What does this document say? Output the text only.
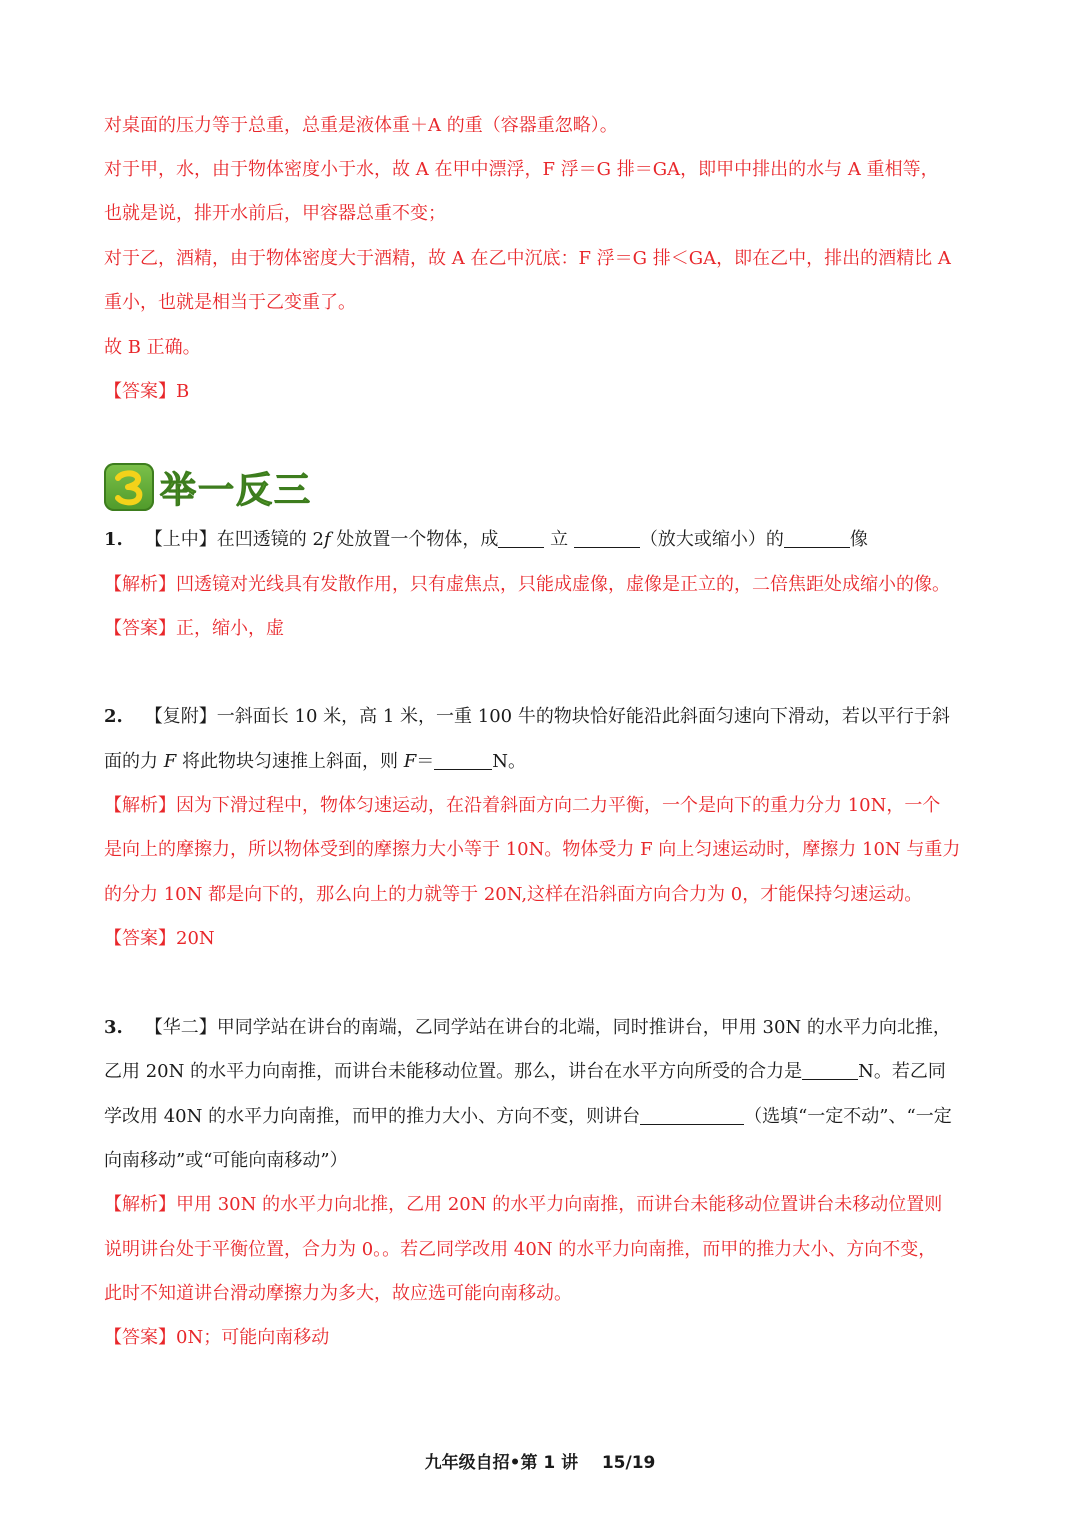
对桌面的压力等于总重，总重是液体重＋A 的重（容器重忽略）。
对于甲，水，由于物体密度小于水，故 A 在甲中漂浮，F 浮＝G 排＝GA，即甲中排出的水与 A 重相等，
也就是说，排开水前后，甲容器总重不变；
对于乙，酒精，由于物体密度大于酒精，故 A 在乙中沉底：F 浮＝G 排＜GA，即在乙中，排出的酒精比 A
重小，也就是相当于乙变重了。
故 B 正确。
【答案】B
举一反三
1. 【上中】在凹透镜的 2f 处放置一个物体，成	立	（放大或缩小）的	像
【解析】凹透镜对光线具有发散作用，只有虚焦点，只能成虚像，虚像是正立的，二倍焦距处成缩小的像。
【答案】正，缩小，虚
2. 【复附】一斜面长 10 米，高 1 米，一重 100 牛的物块恰好能沿此斜面匀速向下滑动，若以平行于斜
面的力 F 将此物块匀速推上斜面，则 F＝	N。
【解析】因为下滑过程中，物体匀速运动，在沿着斜面方向二力平衡，一个是向下的重力分力 10N，一个
是向上的摩擦力，所以物体受到的摩擦力大小等于 10N。物体受力 F 向上匀速运动时，摩擦力 10N 与重力
的分力 10N 都是向下的，那么向上的力就等于 20N,这样在沿斜面方向合力为 0，才能保持匀速运动。
【答案】20N
3. 【华二】甲同学站在讲台的南端，乙同学站在讲台的北端，同时推讲台，甲用 30N 的水平力向北推，
乙用 20N 的水平力向南推，而讲台未能移动位置。那么，讲台在水平方向所受的合力是	N。若乙同
学改用 40N 的水平力向南推，而甲的推力大小、方向不变，则讲台	（选填“一定不动”、“一定
向南移动”或“可能向南移动”）
【解析】甲用 30N 的水平力向北推，乙用 20N 的水平力向南推，而讲台未能移动位置讲台未移动位置则
说明讲台处于平衡位置，合力为 0。。若乙同学改用 40N 的水平力向南推，而甲的推力大小、方向不变，
此时不知道讲台滑动摩擦力为多大，故应选可能向南移动。
【答案】0N；可能向南移动
九年级自招•第 1 讲 15/19
